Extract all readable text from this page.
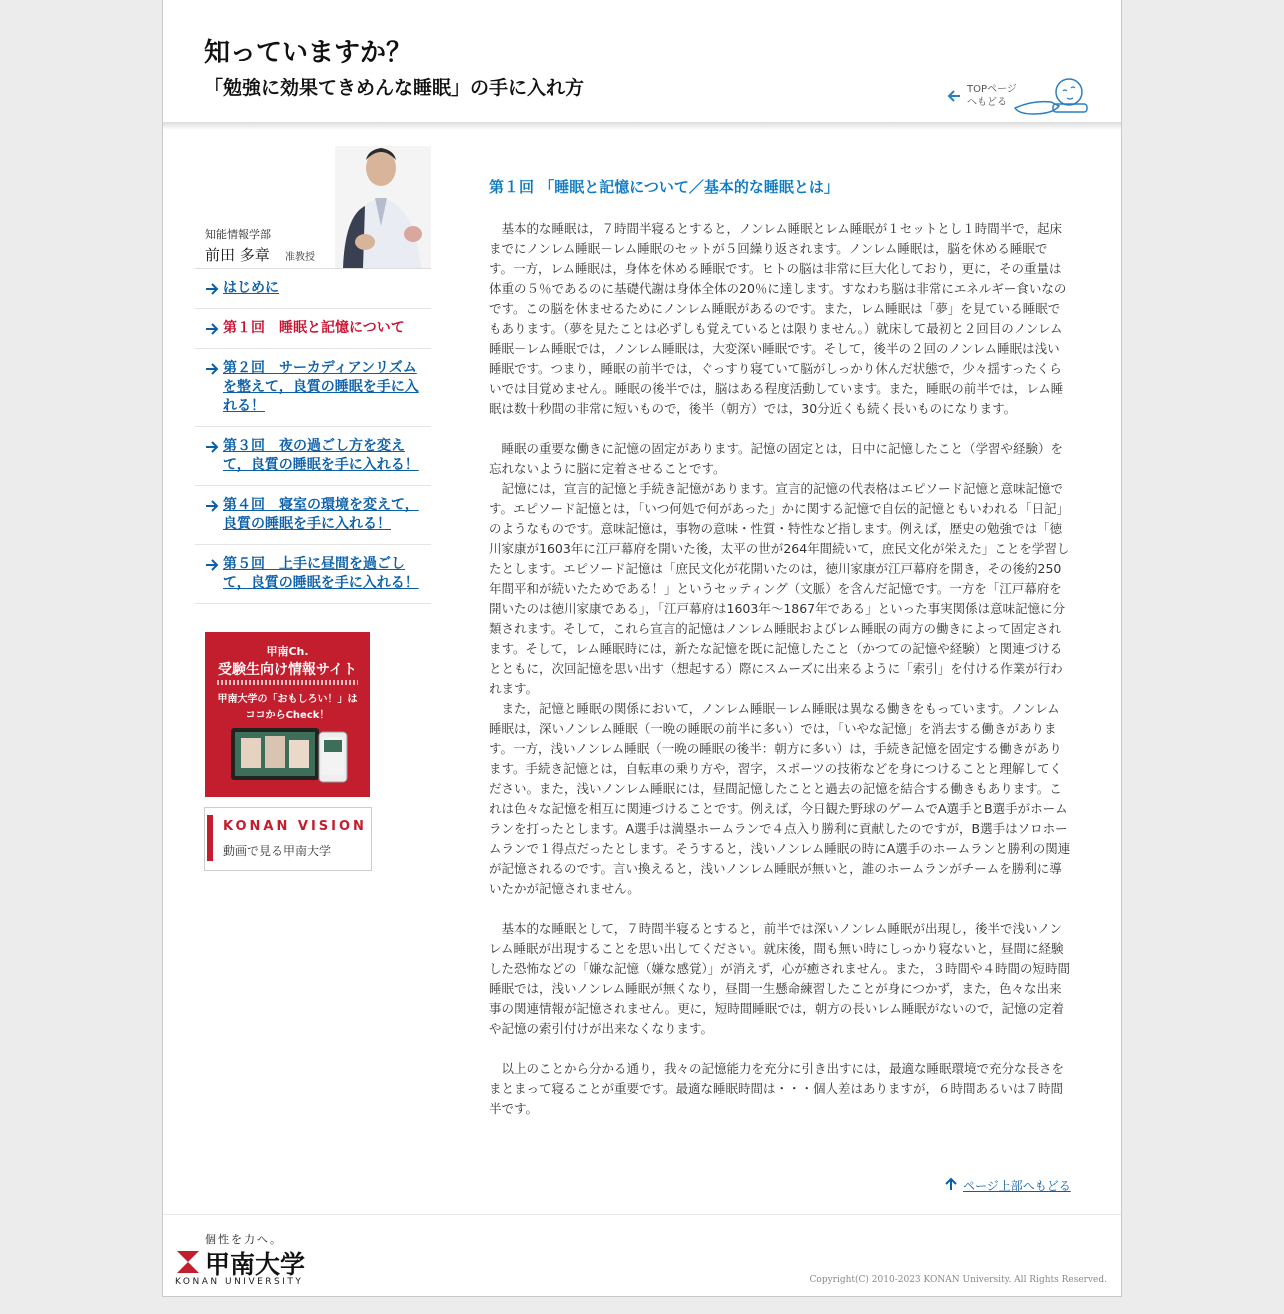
知っていますか？
「勉強に効果てきめんな睡眠」の手に入れ方	TOPページ
へもどる
知能情報学部
前田 多章 准教授
はじめに
第１回　睡眠と記憶について
第２回　サーカディアンリズムを整えて，良質の睡眠を手に入れる！
第３回　夜の過ごし方を変えて，良質の睡眠を手に入れる！
第４回　寝室の環境を変えて，良質の睡眠を手に入れる！
第５回　上手に昼間を過ごして，良質の睡眠を手に入れる！
甲南Ch.
受験生向け情報サイト
甲南大学の「おもしろい！」は
ココからCheck！
KONAN VISION
動画で見る甲南大学
第１回 「睡眠と記憶について／基本的な睡眠とは」

基本的な睡眠は，７時間半寝るとすると，ノンレム睡眠とレム睡眠が１セットとし１時間半で，起床までにノンレム睡眠－レム睡眠のセットが５回繰り返されます。ノンレム睡眠は，脳を休める睡眠です。一方，レム睡眠は，身体を休める睡眠です。ヒトの脳は非常に巨大化しており，更に，その重量は体重の５％であるのに基礎代謝は身体全体の20％に達します。すなわち脳は非常にエネルギー食いなのです。この脳を休ませるためにノンレム睡眠があるのです。また，レム睡眠は「夢」を見ている睡眠でもあります。（夢を見たことは必ずしも覚えているとは限りません。）就床して最初と２回目のノンレム睡眠－レム睡眠では，ノンレム睡眠は，大変深い睡眠です。そして，後半の２回のノンレム睡眠は浅い睡眠です。つまり，睡眠の前半では，ぐっすり寝ていて脳がしっかり休んだ状態で，少々揺すったくらいでは目覚めません。睡眠の後半では，脳はある程度活動しています。また，睡眠の前半では，レム睡眠は数十秒間の非常に短いもので，後半（朝方）では，30分近くも続く長いものになります。

睡眠の重要な働きに記憶の固定があります。記憶の固定とは，日中に記憶したこと（学習や経験）を忘れないように脳に定着させることです。

記憶には，宣言的記憶と手続き記憶があります。宣言的記憶の代表格はエピソード記憶と意味記憶です。エピソード記憶とは，「いつ何処で何があった」かに関する記憶で自伝的記憶ともいわれる「日記」のようなものです。意味記憶は，事物の意味・性質・特性など指します。例えば，歴史の勉強では「徳川家康が1603年に江戸幕府を開いた後，太平の世が264年間続いて，庶民文化が栄えた」ことを学習したとします。エピソード記憶は「庶民文化が花開いたのは，徳川家康が江戸幕府を開き，その後約250年間平和が続いたためである！」というセッティング（文脈）を含んだ記憶です。一方を「江戸幕府を開いたのは徳川家康である」，「江戸幕府は1603年～1867年である」といった事実関係は意味記憶に分類されます。そして，これら宣言的記憶はノンレム睡眠およびレム睡眠の両方の働きによって固定されます。そして，レム睡眠時には，新たな記憶を既に記憶したこと（かつての記憶や経験）と関連づけるとともに，次回記憶を思い出す（想起する）際にスムーズに出来るように「索引」を付ける作業が行われます。

また，記憶と睡眠の関係において，ノンレム睡眠－レム睡眠は異なる働きをもっています。ノンレム睡眠は，深いノンレム睡眠（一晩の睡眠の前半に多い）では，「いやな記憶」を消去する働きがあります。一方，浅いノンレム睡眠（一晩の睡眠の後半：朝方に多い）は，手続き記憶を固定する働きがあります。手続き記憶とは，自転車の乗り方や，習字，スポーツの技術などを身につけることと理解してください。また，浅いノンレム睡眠には，昼間記憶したことと過去の記憶を結合する働きもあります。これは色々な記憶を相互に関連づけることです。例えば，今日観た野球のゲームでA選手とB選手がホームランを打ったとします。A選手は満塁ホームランで４点入り勝利に貢献したのですが，B選手はソロホームランで１得点だったとします。そうすると，浅いノンレム睡眠の時にA選手のホームランと勝利の関連が記憶されるのです。言い換えると，浅いノンレム睡眠が無いと，誰のホームランがチームを勝利に導いたかが記憶されません。

基本的な睡眠として，７時間半寝るとすると，前半では深いノンレム睡眠が出現し，後半で浅いノンレム睡眠が出現することを思い出してください。就床後，間も無い時にしっかり寝ないと，昼間に経験した恐怖などの「嫌な記憶（嫌な感覚）」が消えず，心が癒されません。また，３時間や４時間の短時間睡眠では，浅いノンレム睡眠が無くなり，昼間一生懸命練習したことが身につかず，また，色々な出来事の関連情報が記憶されません。更に，短時間睡眠では，朝方の長いレム睡眠がないので，記憶の定着や記憶の索引付けが出来なくなります。

以上のことから分かる通り，我々の記憶能力を充分に引き出すには，最適な睡眠環境で充分な長さをまとまって寝ることが重要です。最適な睡眠時間は・・・個人差はありますが，６時間あるいは７時間半です。

ページ上部へもどる
個性を力へ。
甲南大学
KONAN UNIVERSITY	Copyright(C) 2010-2023 KONAN University. All Rights Reserved.
